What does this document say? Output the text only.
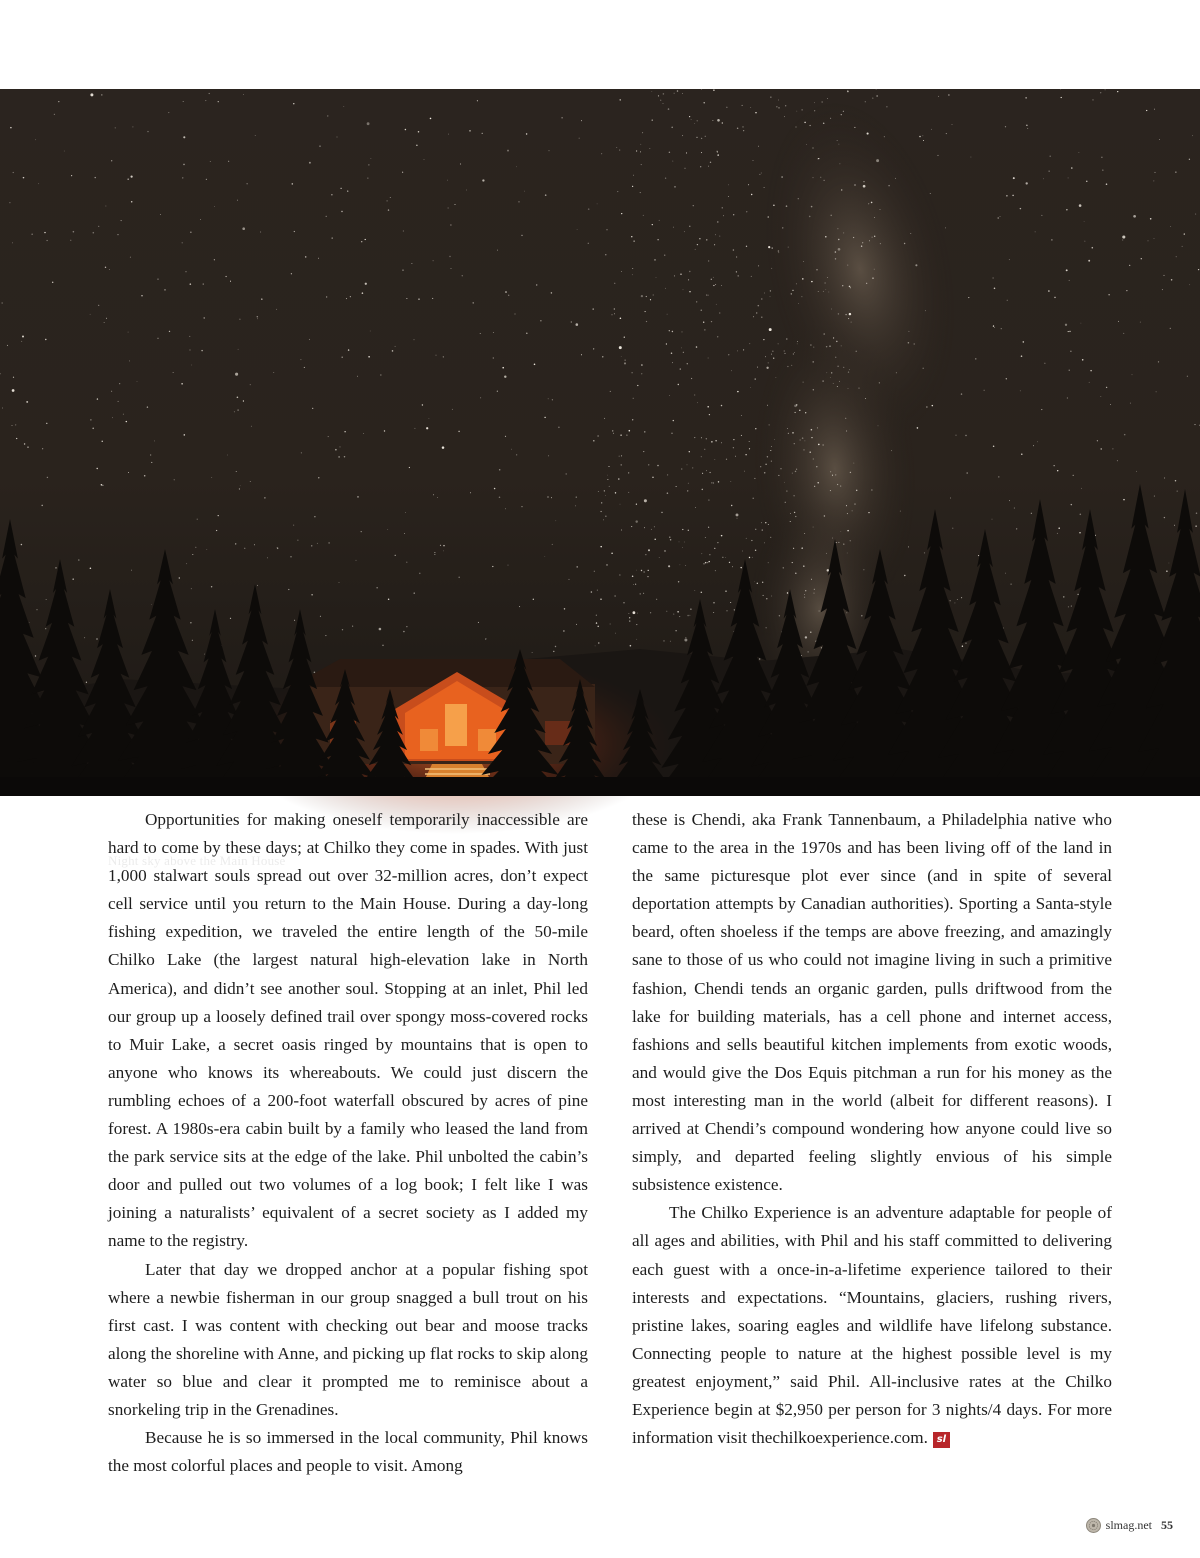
Night sky above the Main House

Opportunities for making oneself temporarily inaccessible are hard to come by these days; at Chilko they come in spades. With just 1,000 stalwart souls spread out over 32-million acres, don’t expect cell service until you return to the Main House. During a day-long fishing expedition, we traveled the entire length of the 50-mile Chilko Lake (the largest natural high-elevation lake in North America), and didn’t see another soul. Stopping at an inlet, Phil led our group up a loosely defined trail over spongy moss-covered rocks to Muir Lake, a secret oasis ringed by mountains that is open to anyone who knows its whereabouts. We could just discern the rumbling echoes of a 200-foot waterfall obscured by acres of pine forest. A 1980s-era cabin built by a family who leased the land from the park service sits at the edge of the lake. Phil unbolted the cabin’s door and pulled out two volumes of a log book; I felt like I was joining a naturalists’ equivalent of a secret society as I added my name to the registry.

Later that day we dropped anchor at a popular fishing spot where a newbie fisherman in our group snagged a bull trout on his first cast. I was content with checking out bear and moose tracks along the shoreline with Anne, and picking up flat rocks to skip along water so blue and clear it prompted me to reminisce about a snorkeling trip in the Grenadines.

Because he is so immersed in the local community, Phil knows the most colorful places and people to visit. Among

these is Chendi, aka Frank Tannenbaum, a Philadelphia native who came to the area in the 1970s and has been living off of the land in the same picturesque plot ever since (and in spite of several deportation attempts by Canadian authorities). Sporting a Santa-style beard, often shoeless if the temps are above freezing, and amazingly sane to those of us who could not imagine living in such a primitive fashion, Chendi tends an organic garden, pulls driftwood from the lake for building materials, has a cell phone and internet access, fashions and sells beautiful kitchen implements from exotic woods, and would give the Dos Equis pitchman a run for his money as the most interesting man in the world (albeit for different reasons). I arrived at Chendi’s compound wondering how anyone could live so simply, and departed feeling slightly envious of his simple subsistence existence.

The Chilko Experience is an adventure adaptable for people of all ages and abilities, with Phil and his staff committed to delivering each guest with a once-in-a-lifetime experience tailored to their interests and expectations. “Mountains, glaciers, rushing rivers, pristine lakes, soaring eagles and wildlife have lifelong substance. Connecting people to nature at the highest possible level is my greatest enjoyment,” said Phil. All-inclusive rates at the Chilko Experience begin at $2,950 per person for 3 nights/4 days. For more information visit thechilkoexperience.com. sl

slmag.net 55
